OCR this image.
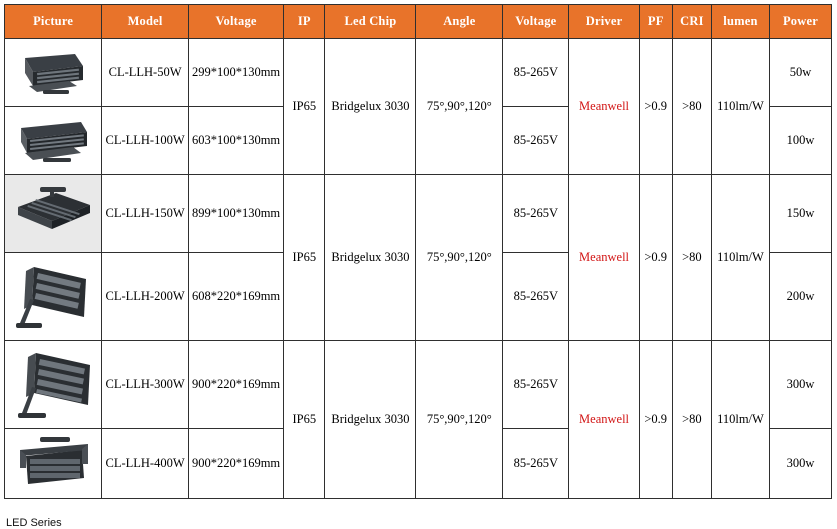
Picture	Model	Voltage	IP	Led Chip	Angle	Voltage	Driver	PF	CRI	lumen	Power

	CL-LLH-50W	299*100*130mm	IP65	Bridgelux 3030	75°,90°,120°	85-265V	Meanwell	>0.9	>80	110lm/W	50w

	CL-LLH-100W	603*100*130mm				85-265V					100w

	CL-LLH-150W	899*100*130mm	IP65	Bridgelux 3030	75°,90°,120°	85-265V	Meanwell	>0.9	>80	110lm/W	150w

	CL-LLH-200W	608*220*169mm				85-265V					200w

	CL-LLH-300W	900*220*169mm	IP65	Bridgelux 3030	75°,90°,120°	85-265V	Meanwell	>0.9	>80	110lm/W	300w

	CL-LLH-400W	900*220*169mm				85-265V					300w
LED Series
